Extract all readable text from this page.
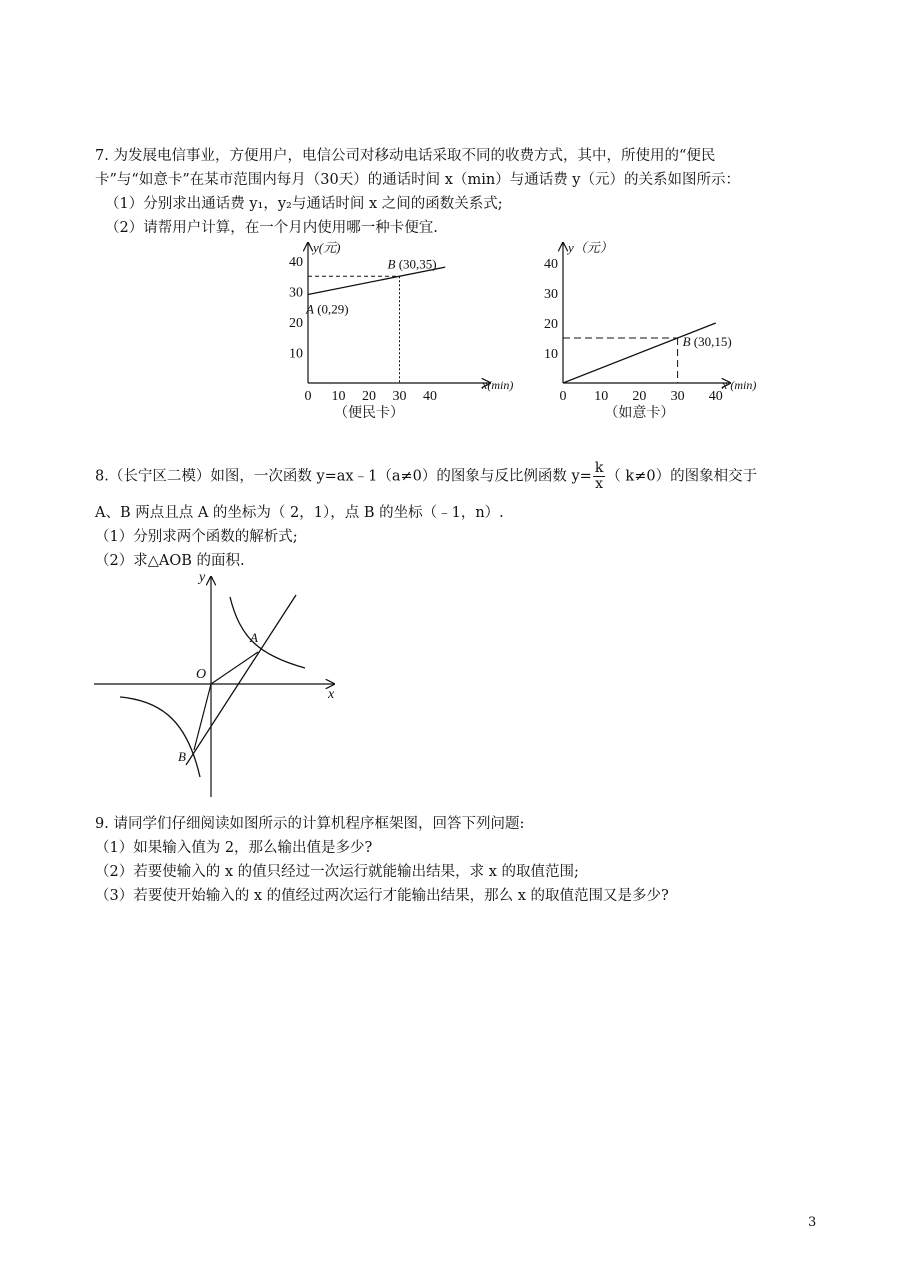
7. 为发展电信事业，方便用户，电信公司对移动电话采取不同的收费方式，其中，所使用的“便民
卡”与“如意卡”在某市范围内每月（30天）的通话时间 x（min）与通话费 y（元）的关系如图所示：
（1）分别求出通话费 y₁，y₂与通话时间 x 之间的函数关系式;
（2）请帮用户计算，在一个月内使用哪一种卡便宜.
y(元)
x(min)
0 10 20 30 40
10
20
30
40
A (0,29)
B (30,35)
（便民卡）
y（元）
x (min)
0 10 20 30 40
10
20
30
40
B (30,15)
（如意卡）
8.（长宁区二模）如图，一次函数 y=ax﹣1（a≠0）的图象与反比例函数 $y= \frac{k}{x}$ （ k≠0）的图象相交于
A、B 两点且点 A 的坐标为（ 2，1），点 B 的坐标（﹣1，n）.
（1）分别求两个函数的解析式;
（2）求△AOB 的面积.
y
x
O
A
B
9. 请同学们仔细阅读如图所示的计算机程序框架图，回答下列问题:
（1）如果输入值为 2，那么输出值是多少?
（2）若要使输入的 x 的值只经过一次运行就能输出结果，求 x 的取值范围;
（3）若要使开始输入的 x 的值经过两次运行才能输出结果，那么 x 的取值范围又是多少?
3
